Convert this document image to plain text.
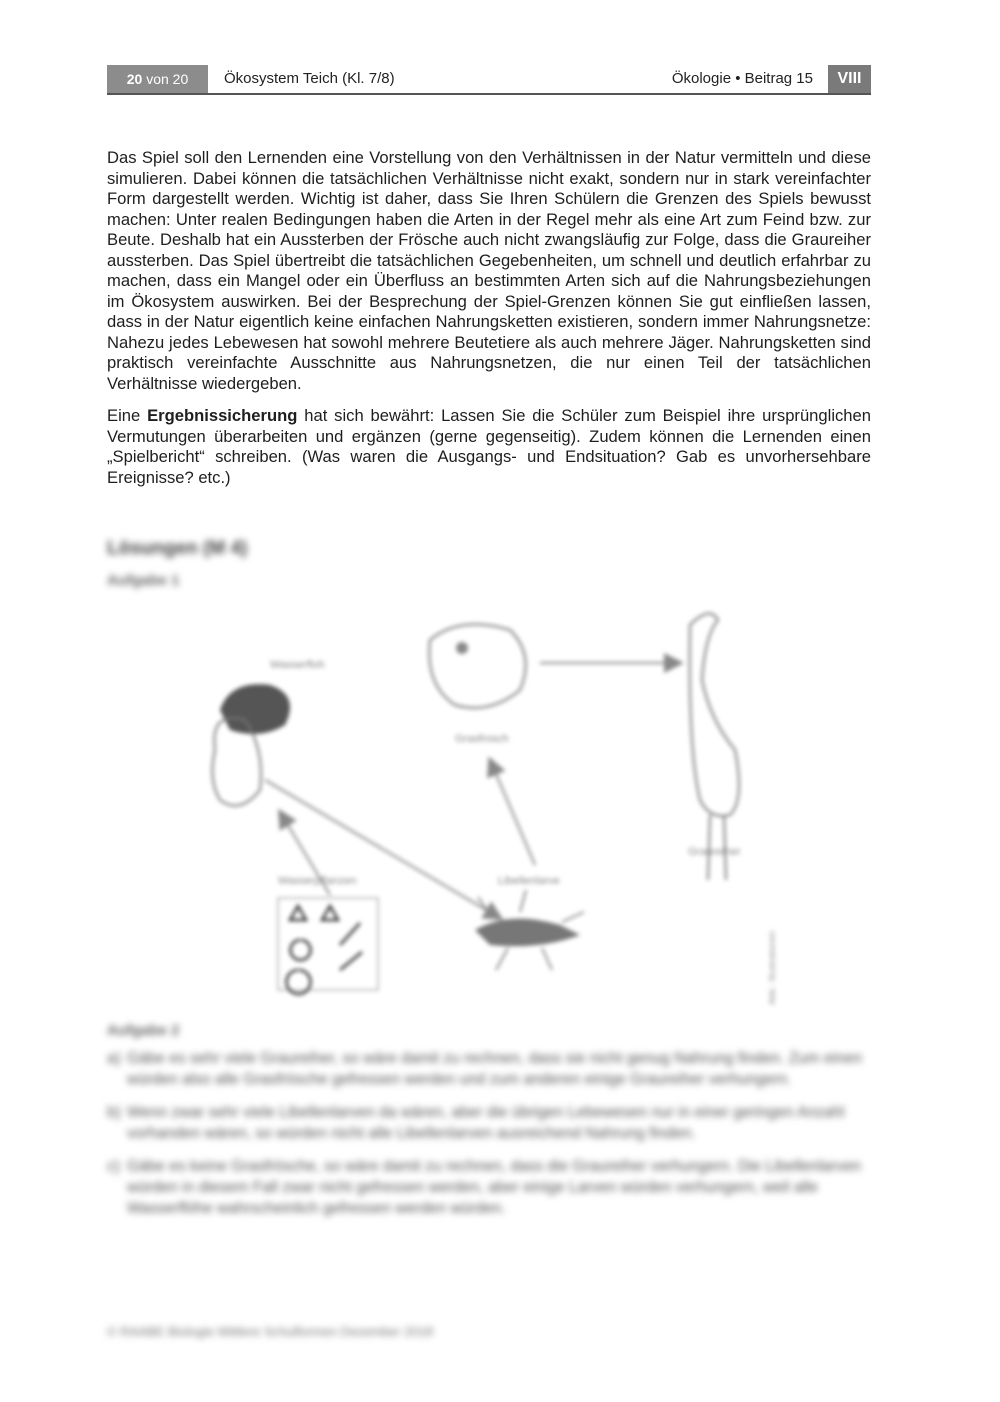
20 von 20	Ökosystem Teich (Kl. 7/8)	Ökologie • Beitrag 15	VIII

Das Spiel soll den Lernenden eine Vorstellung von den Verhältnissen in der Natur vermitteln und diese simulieren. Dabei können die tatsächlichen Verhältnisse nicht exakt, sondern nur in stark vereinfachter Form dargestellt werden. Wichtig ist daher, dass Sie Ihren Schülern die Grenzen des Spiels bewusst machen: Unter realen Bedingungen haben die Arten in der Regel mehr als eine Art zum Feind bzw. zur Beute. Deshalb hat ein Aussterben der Frösche auch nicht zwangsläufig zur Folge, dass die Graureiher aussterben. Das Spiel übertreibt die tatsächlichen Gegebenheiten, um schnell und deutlich erfahrbar zu machen, dass ein Mangel oder ein Überfluss an bestimmten Arten sich auf die Nahrungsbeziehungen im Ökosystem auswirken. Bei der Besprechung der Spiel-Grenzen können Sie gut einfließen lassen, dass in der Natur eigentlich keine einfachen Nahrungsketten existieren, sondern immer Nahrungsnetze: Nahezu jedes Lebewesen hat sowohl mehrere Beutetiere als auch mehrere Jäger. Nahrungsketten sind praktisch vereinfachte Ausschnitte aus Nahrungsnetzen, die nur einen Teil der tatsächlichen Verhältnisse wiedergeben.

Eine Ergebnissicherung hat sich bewährt: Lassen Sie die Schüler zum Beispiel ihre ursprünglichen Vermutungen überarbeiten und ergänzen (gerne gegenseitig). Zudem können die Lernenden einen „Spielbericht“ schreiben. (Was waren die Ausgangs- und Endsituation? Gab es unvorhersehbare Ereignisse? etc.)

Lösungen (M 4)
Aufgabe 1
Wasserfloh
Grasfrosch
Graureiher
Wasserpflanzen	Libellenlarve
Abb.: Illustrationen
Aufgabe 2
a) Gäbe es sehr viele Graureiher, so wäre damit zu rechnen, dass sie nicht genug Nahrung finden. Zum einen würden also alle Grasfrösche gefressen werden und zum anderen einige Graureiher verhungern.
b) Wenn zwar sehr viele Libellenlarven da wären, aber die übrigen Lebewesen nur in einer geringen Anzahl vorhanden wären, so würden nicht alle Libellenlarven ausreichend Nahrung finden.
c) Gäbe es keine Grasfrösche, so wäre damit zu rechnen, dass die Graureiher verhungern. Die Libellenlarven würden in diesem Fall zwar nicht gefressen werden, aber einige Larven würden verhungern, weil alle Wasserflöhe wahrscheinlich gefressen werden würden.
© RAABE Biologie Mittlere Schulformen Dezember 2018
